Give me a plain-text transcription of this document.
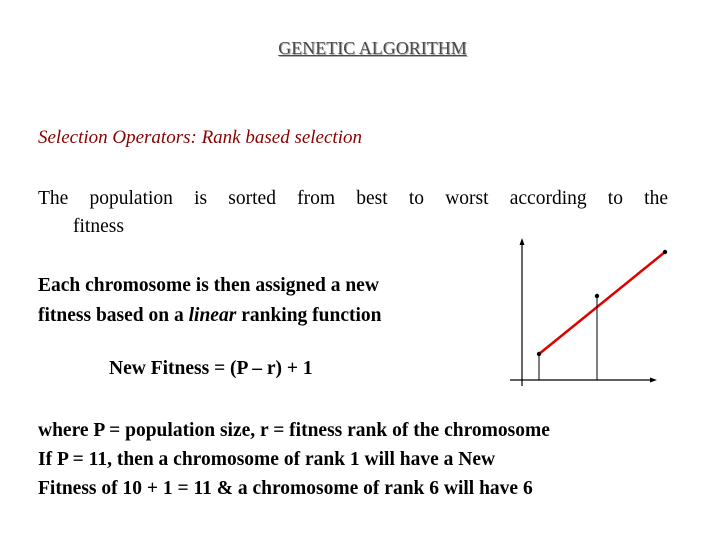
GENETIC ALGORITHM
Selection Operators: Rank based selection
The population is sorted from best to worst according to the
fitness
Each chromosome is then assigned a new
fitness based on a linear ranking function
New Fitness = (P – r) + 1
where P = population size, r = fitness rank of the chromosome
If P = 11, then a chromosome of rank 1 will have a New
Fitness of 10 + 1 = 11 & a chromosome of rank 6 will have 6
